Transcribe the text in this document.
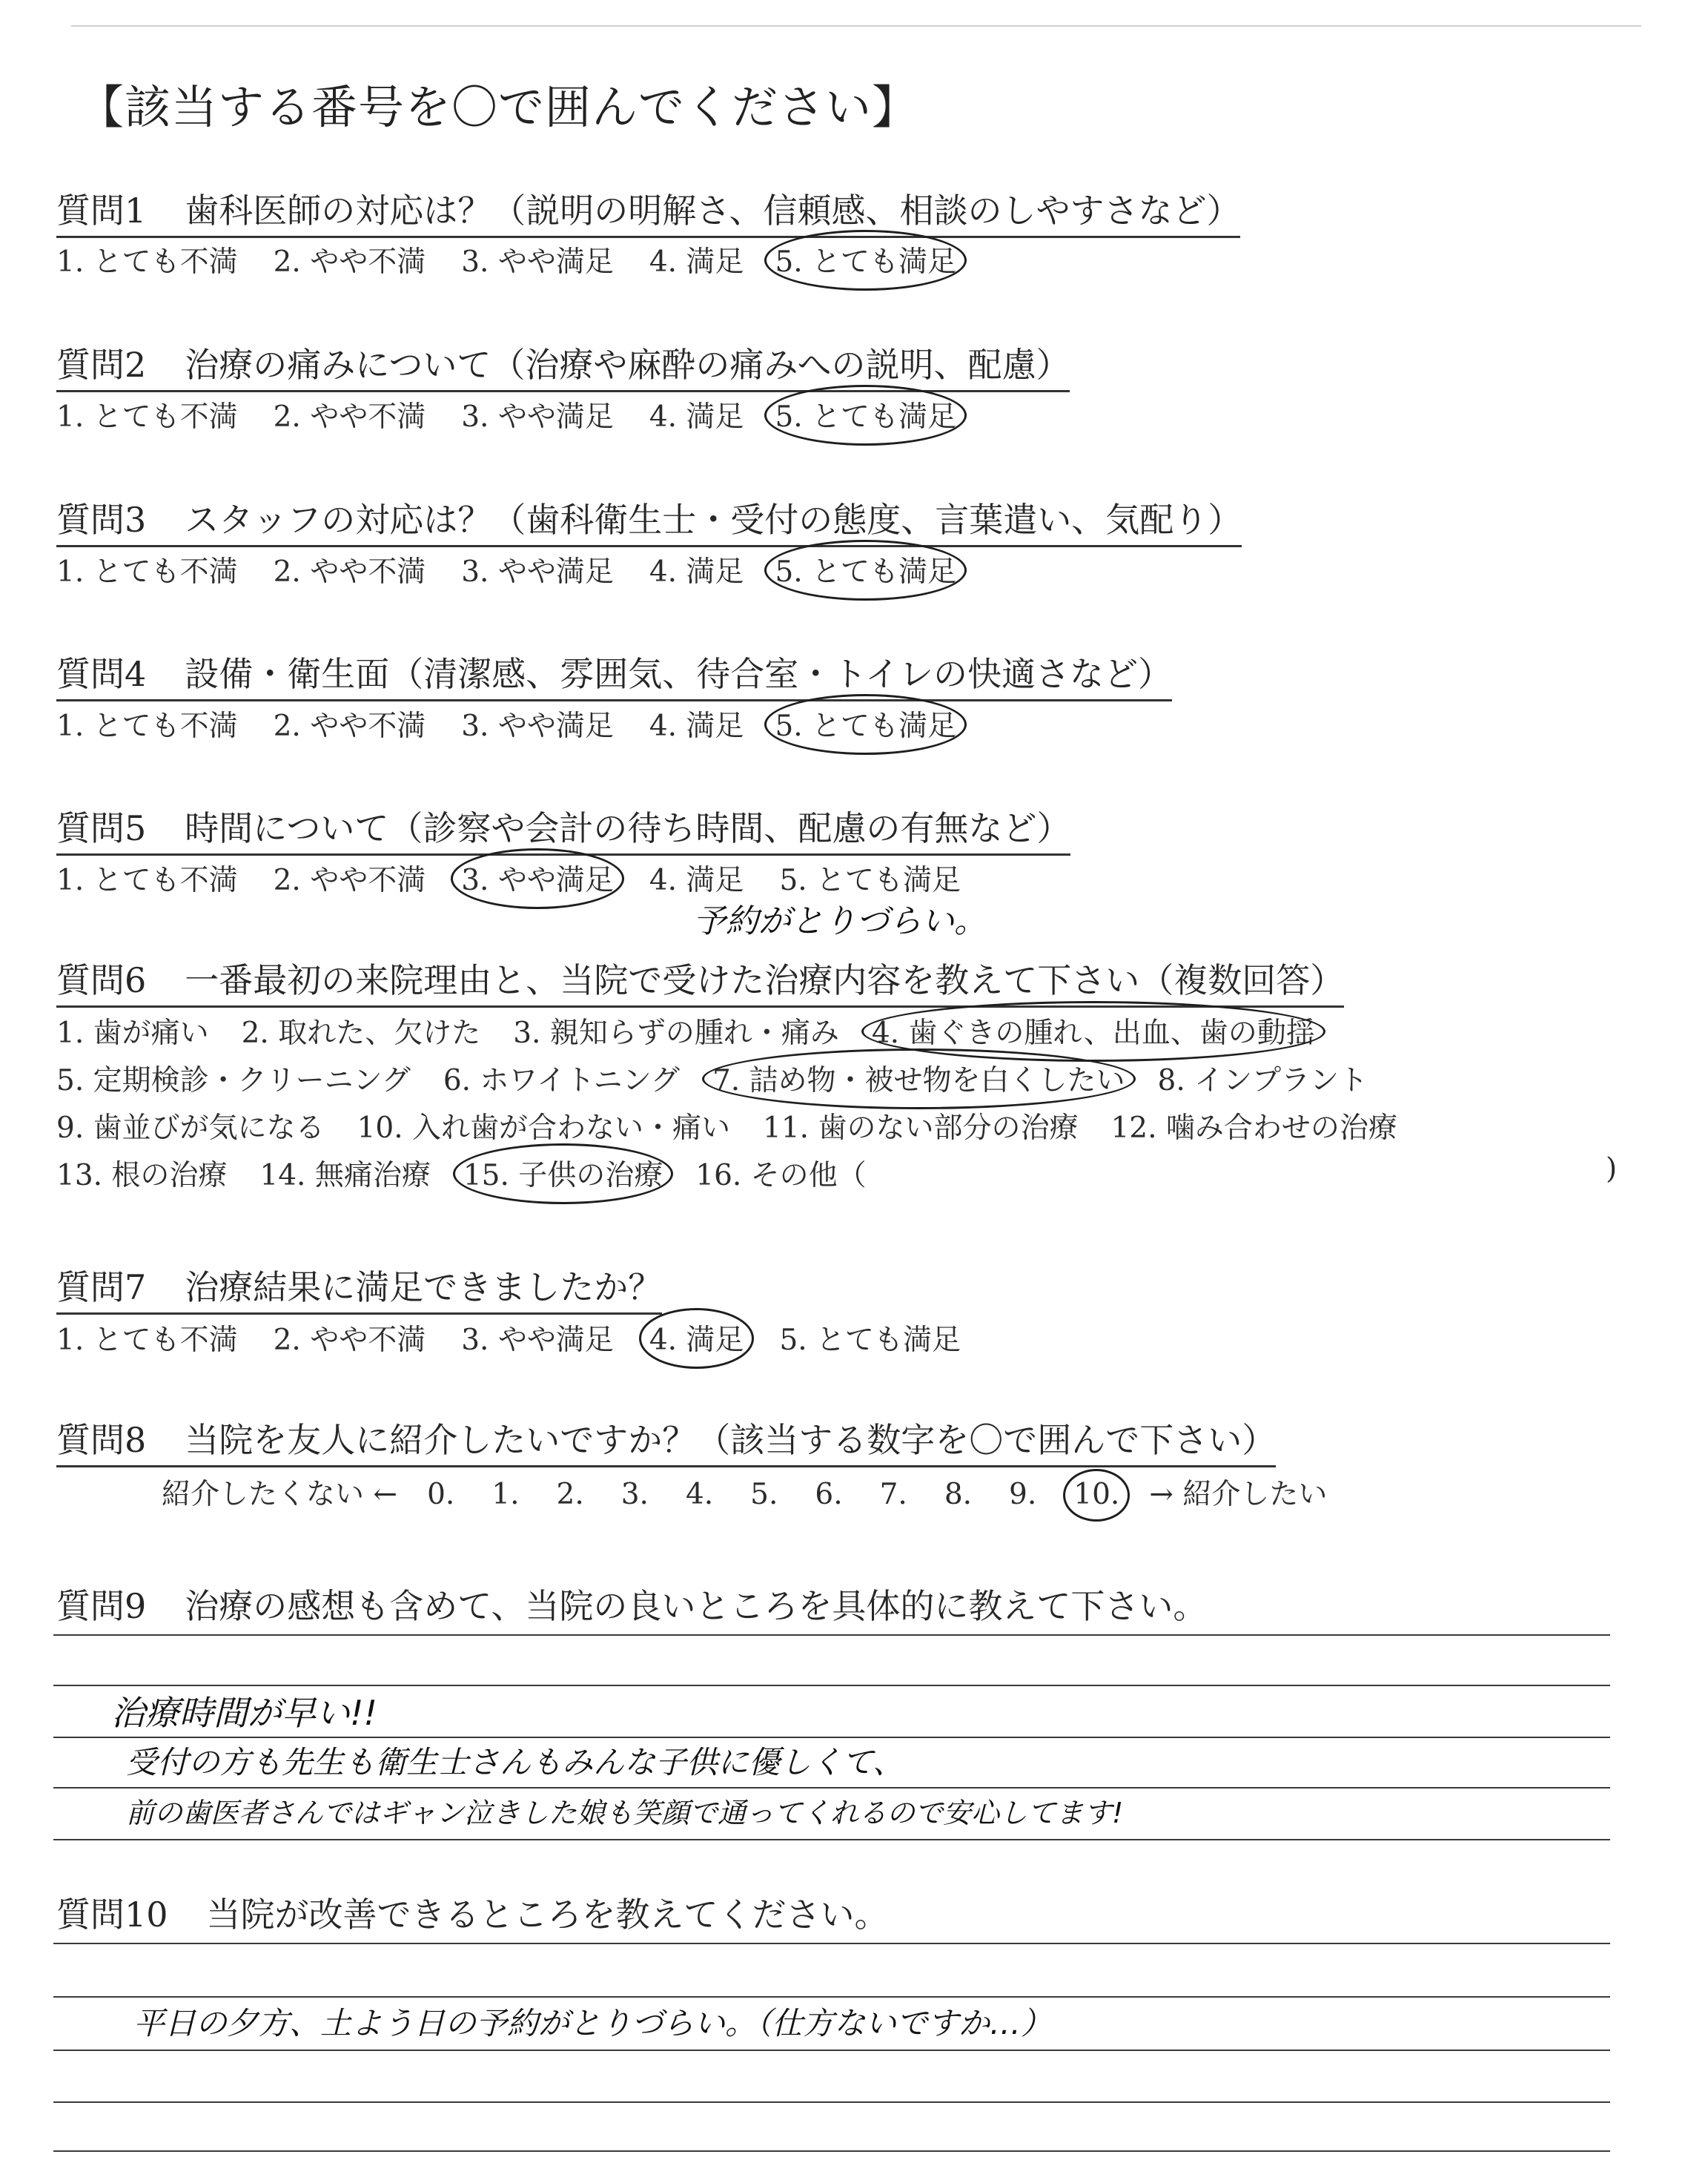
【該当する番号を〇で囲んでください】
質問1 歯科医師の対応は？（説明の明解さ、信頼感、相談のしやすさなど）
1. とても不満 2. やや不満 3. やや満足 4. 満足 5. とても満足
質問2 治療の痛みについて（治療や麻酔の痛みへの説明、配慮）
1. とても不満 2. やや不満 3. やや満足 4. 満足 5. とても満足
質問3 スタッフの対応は？（歯科衛生士・受付の態度、言葉遣い、気配り）
1. とても不満 2. やや不満 3. やや満足 4. 満足 5. とても満足
質問4 設備・衛生面（清潔感、雰囲気、待合室・トイレの快適さなど）
1. とても不満 2. やや不満 3. やや満足 4. 満足 5. とても満足
質問5 時間について（診察や会計の待ち時間、配慮の有無など）
1. とても不満 2. やや不満 3. やや満足 4. 満足 5. とても満足
予約がとりづらい。
質問6 一番最初の来院理由と、当院で受けた治療内容を教えて下さい（複数回答）
1. 歯が痛い 2. 取れた、欠けた 3. 親知らずの腫れ・痛み 4. 歯ぐきの腫れ、出血、歯の動揺
5. 定期検診・クリーニング 6. ホワイトニング 7. 詰め物・被せ物を白くしたい 8. インプラント
9. 歯並びが気になる 10. 入れ歯が合わない・痛い 11. 歯のない部分の治療 12. 噛み合わせの治療
13. 根の治療 14. 無痛治療 15. 子供の治療 16. その他（	)
質問7 治療結果に満足できましたか？
1. とても不満 2. やや不満 3. やや満足 4. 満足 5. とても満足
質問8 当院を友人に紹介したいですか？（該当する数字を〇で囲んで下さい）
紹介したくない ← 0. 1. 2. 3. 4. 5. 6. 7. 8. 9. 10. → 紹介したい
質問9 治療の感想も含めて、当院の良いところを具体的に教えて下さい。
治療時間が早い!!
受付の方も先生も衛生士さんもみんな子供に優しくて、
前の歯医者さんではギャン泣きした娘も笑顔で通ってくれるので安心してます!
質問10 当院が改善できるところを教えてください。
平日の夕方、土よう日の予約がとりづらい。（仕方ないですか…）
